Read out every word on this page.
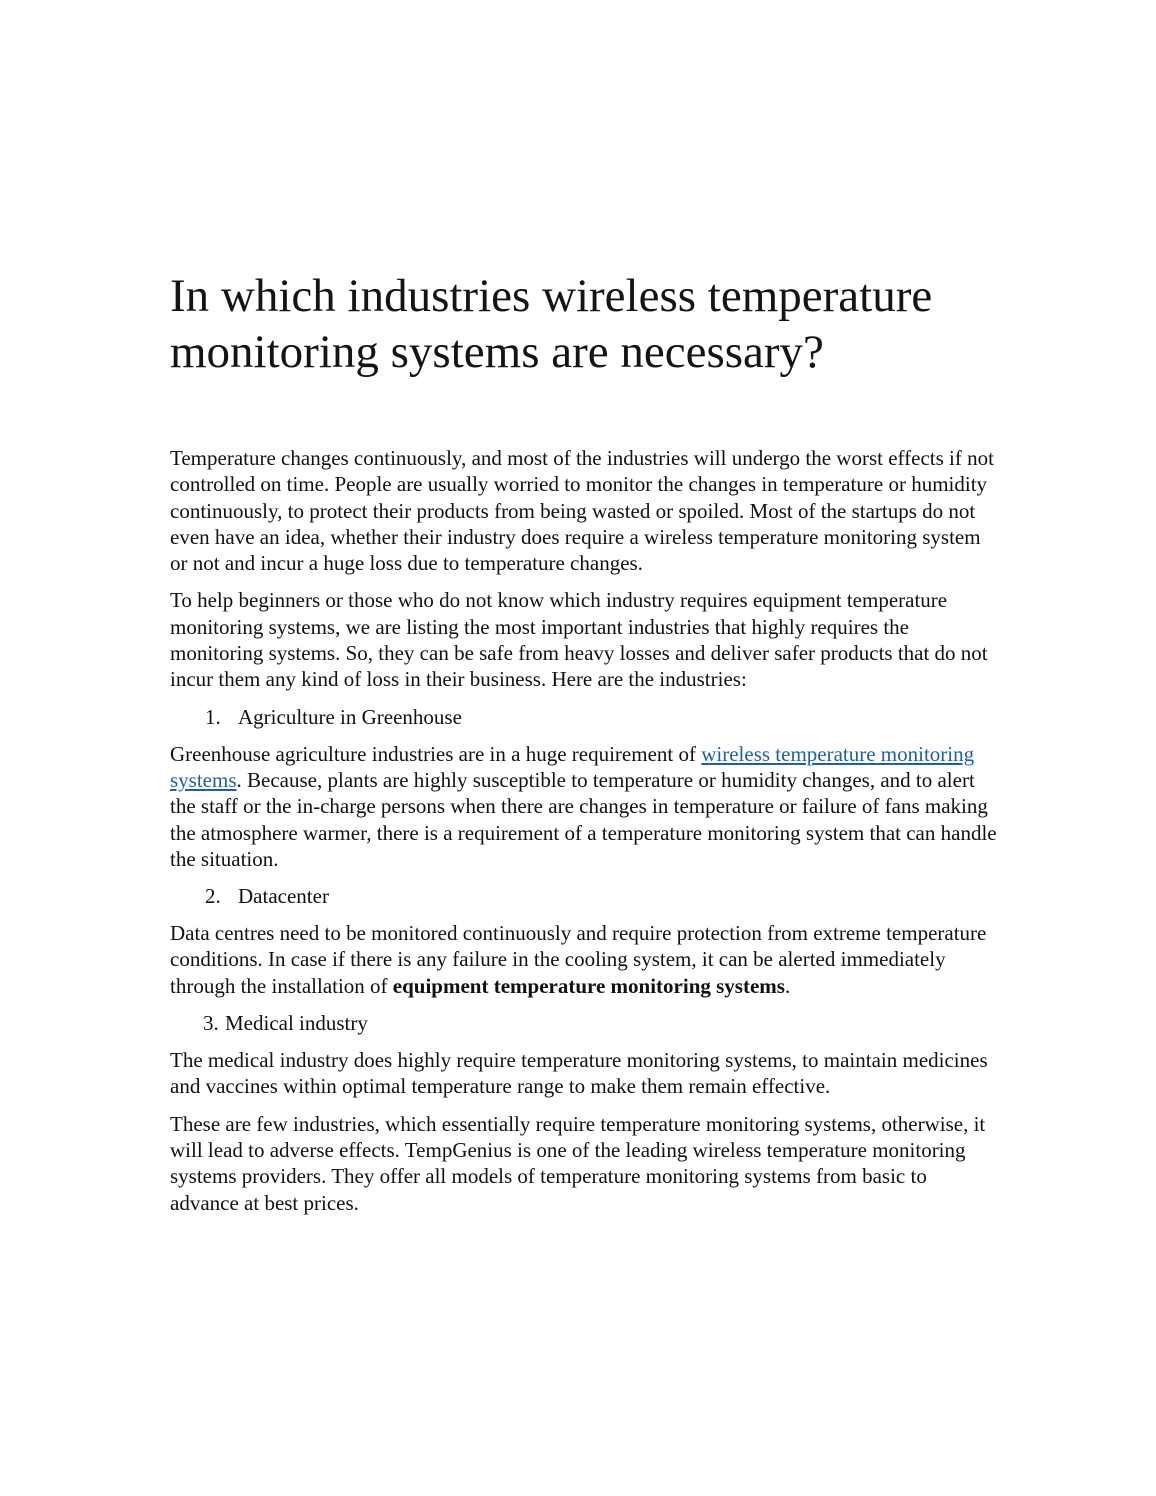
In which industries wireless temperature monitoring systems are necessary?

Temperature changes continuously, and most of the industries will undergo the worst effects if not controlled on time. People are usually worried to monitor the changes in temperature or humidity continuously, to protect their products from being wasted or spoiled. Most of the startups do not even have an idea, whether their industry does require a wireless temperature monitoring system or not and incur a huge loss due to temperature changes.

To help beginners or those who do not know which industry requires equipment temperature monitoring systems, we are listing the most important industries that highly requires the monitoring systems. So, they can be safe from heavy losses and deliver safer products that do not incur them any kind of loss in their business. Here are the industries:

1. Agriculture in Greenhouse

Greenhouse agriculture industries are in a huge requirement of wireless temperature monitoring systems. Because, plants are highly susceptible to temperature or humidity changes, and to alert the staff or the in-charge persons when there are changes in temperature or failure of fans making the atmosphere warmer, there is a requirement of a temperature monitoring system that can handle the situation.

2. Datacenter

Data centres need to be monitored continuously and require protection from extreme temperature conditions. In case if there is any failure in the cooling system, it can be alerted immediately through the installation of equipment temperature monitoring systems.

3. Medical industry

The medical industry does highly require temperature monitoring systems, to maintain medicines and vaccines within optimal temperature range to make them remain effective.

These are few industries, which essentially require temperature monitoring systems, otherwise, it will lead to adverse effects. TempGenius is one of the leading wireless temperature monitoring systems providers. They offer all models of temperature monitoring systems from basic to advance at best prices.
